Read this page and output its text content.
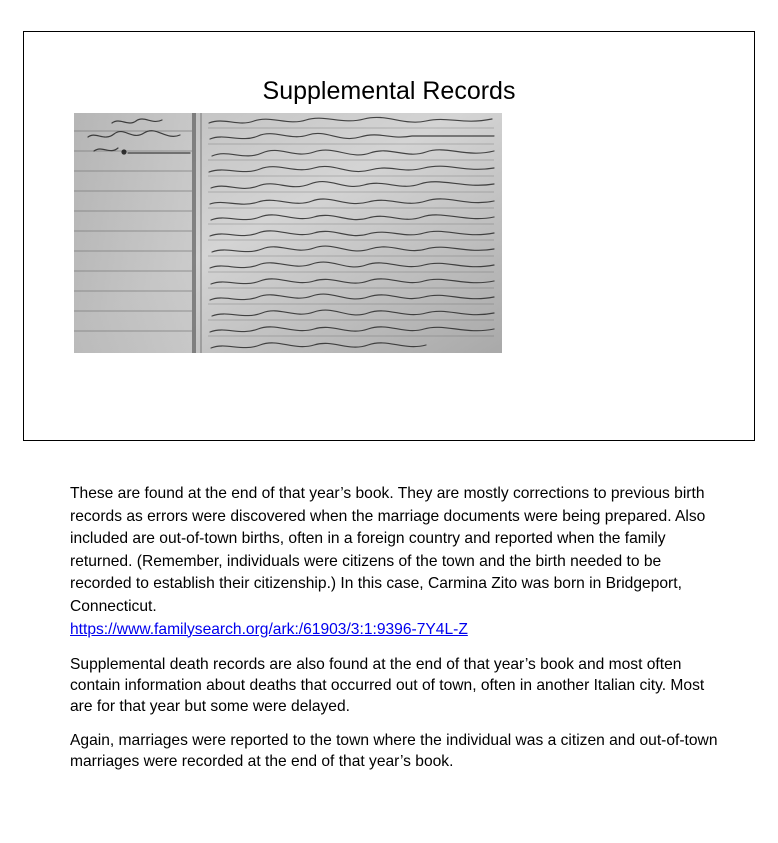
Supplemental Records

These are found at the end of that year’s book. They are mostly corrections to previous birth records as errors were discovered when the marriage documents were being prepared. Also included are out-of-town births, often in a foreign country and reported when the family returned. (Remember, individuals were citizens of the town and the birth needed to be recorded to establish their citizenship.) In this case, Carmina Zito was born in Bridgeport, Connecticut.
https://www.familysearch.org/ark:/61903/3:1:9396-7Y4L-Z

Supplemental death records are also found at the end of that year’s book and most often contain information about deaths that occurred out of town, often in another Italian city. Most are for that year but some were delayed.

Again, marriages were reported to the town where the individual was a citizen and out-of-town marriages were recorded at the end of that year’s book.
